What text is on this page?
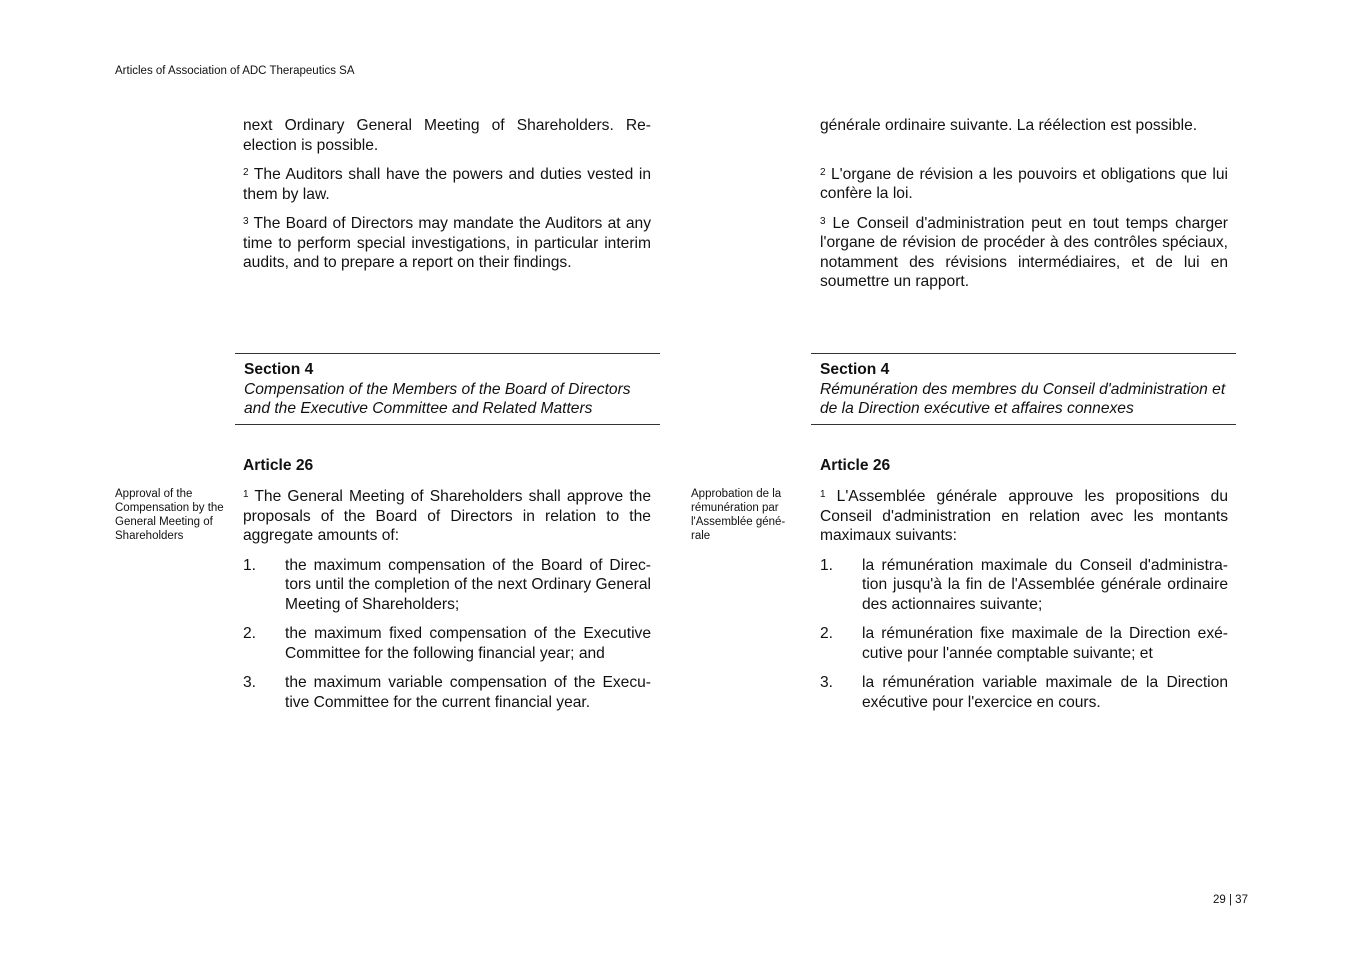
Articles of Association of ADC Therapeutics SA

next Ordinary General Meeting of Shareholders. Re-election is possible.

$^2$ The Auditors shall have the powers and duties vested in them by law.

$^3$ The Board of Directors may mandate the Auditors at any time to perform special investigations, in particular interim audits, and to prepare a report on their findings.

Section 4
Compensation of the Members of the Board of Directors and the Executive Committee and Related Matters
Article 26
Approval of the Compensation by the General Meeting of Shareholders

$^1$ The General Meeting of Shareholders shall approve the proposals of the Board of Directors in relation to the aggregate amounts of:

1.	the maximum compensation of the Board of Directors until the completion of the next Ordinary General Meeting of Shareholders;
2.	the maximum fixed compensation of the Executive Committee for the following financial year; and
3.	the maximum variable compensation of the Executive Committee for the current financial year.

générale ordinaire suivante. La réélection est possible.

$^2$ L'organe de révision a les pouvoirs et obligations que lui confère la loi.

$^3$ Le Conseil d'administration peut en tout temps charger l'organe de révision de procéder à des contrôles spéciaux, notamment des révisions intermédiaires, et de lui en soumettre un rapport.

Section 4
Rémunération des membres du Conseil d'administration et de la Direction exécutive et affaires connexes
Article 26
Approbation de la rémunération par l'Assemblée générale

$^1$ L'Assemblée générale approuve les propositions du Conseil d'administration en relation avec les montants maximaux suivants:

1.	la rémunération maximale du Conseil d'administration jusqu'à la fin de l'Assemblée générale ordinaire des actionnaires suivante;
2.	la rémunération fixe maximale de la Direction exécutive pour l'année comptable suivante; et
3.	la rémunération variable maximale de la Direction exécutive pour l'exercice en cours.
29 | 37
